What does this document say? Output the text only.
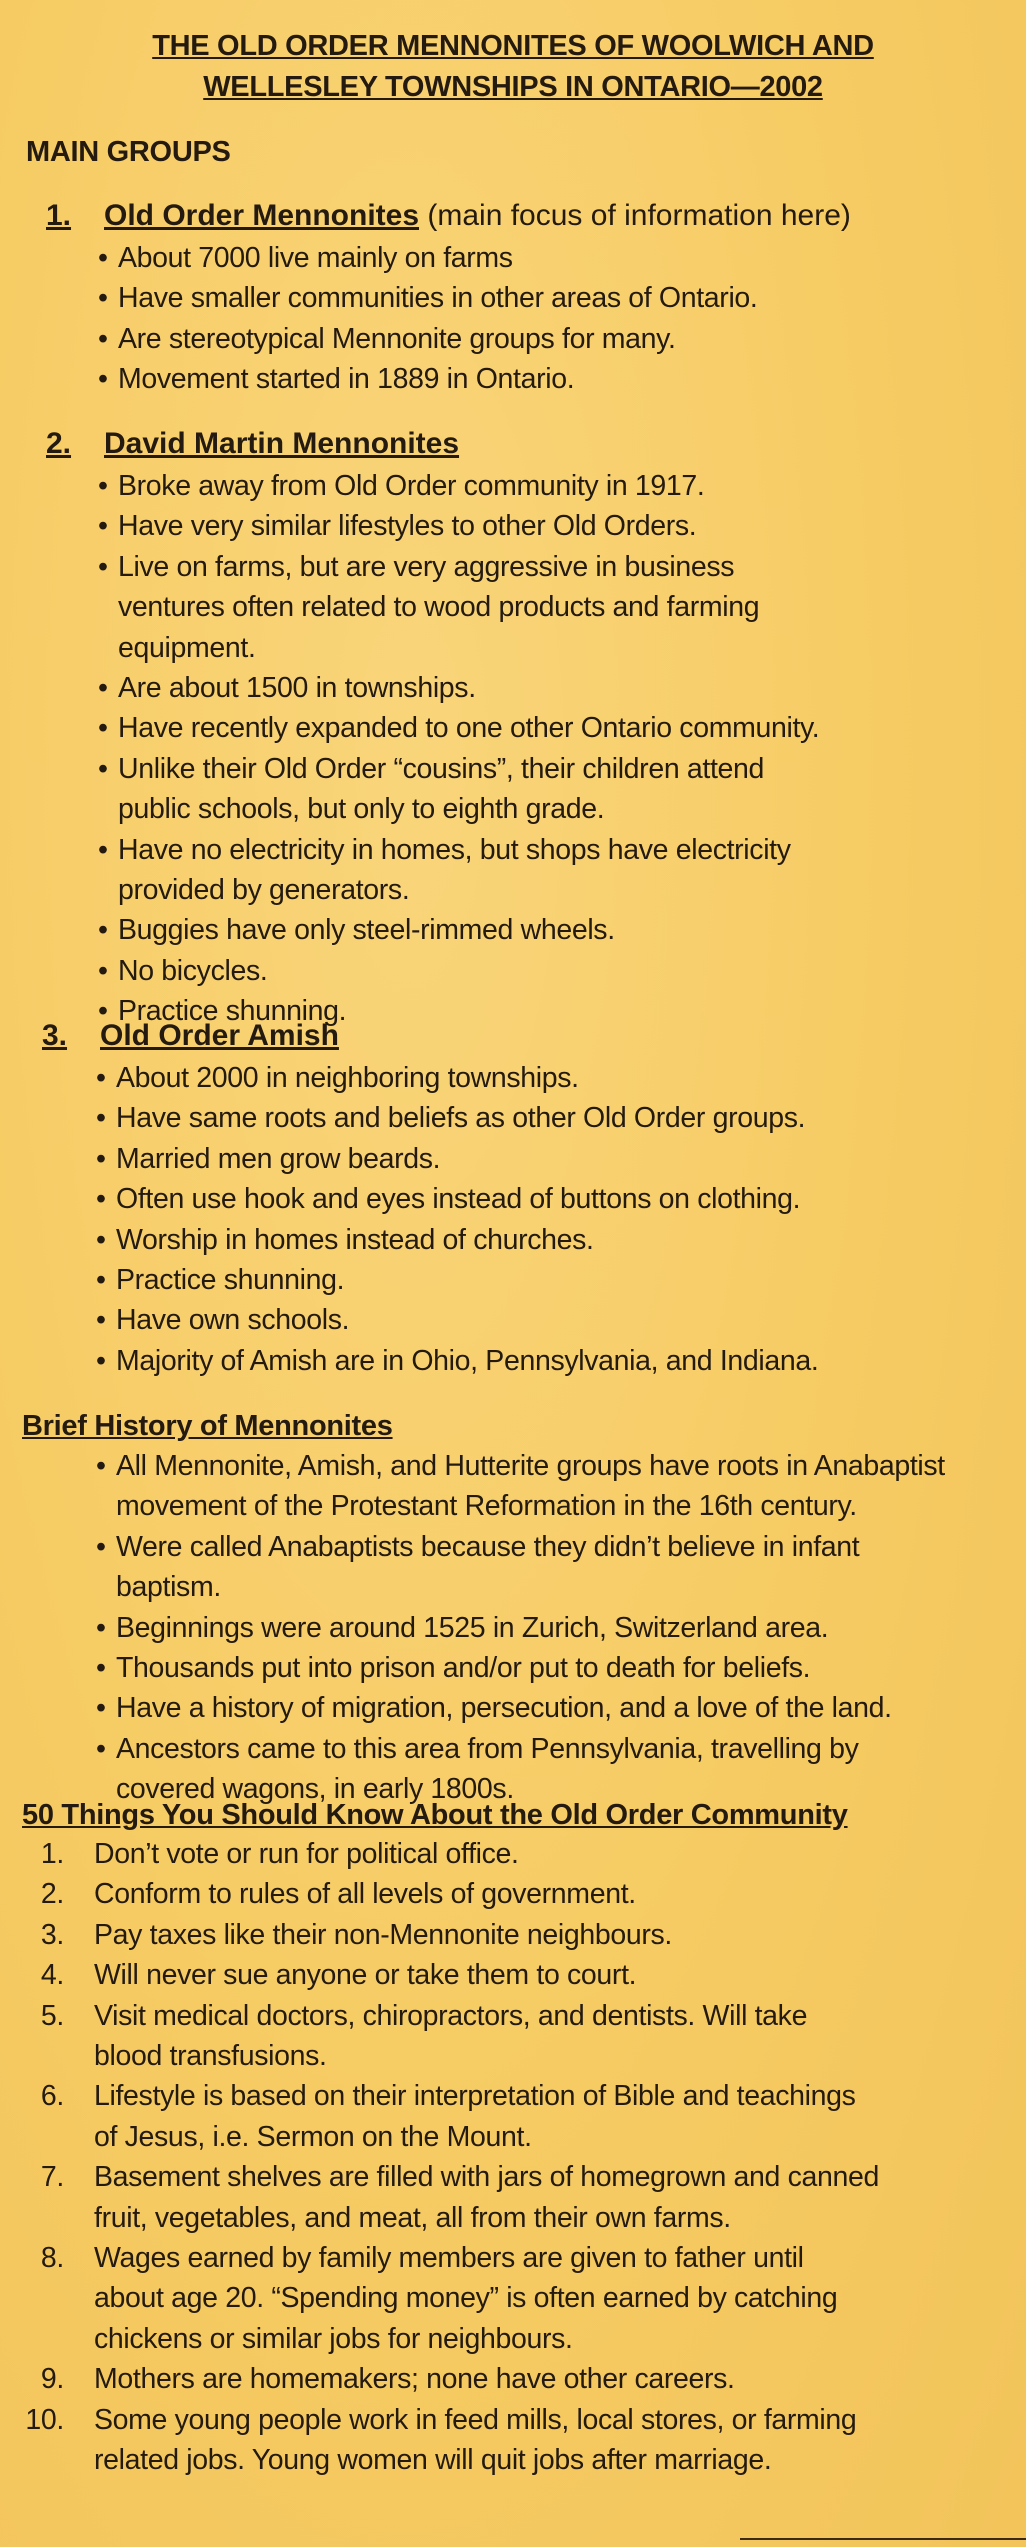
THE OLD ORDER MENNONITES OF WOOLWICH AND
WELLESLEY TOWNSHIPS IN ONTARIO—2002
MAIN GROUPS
1. Old Order Mennonites (main focus of information here)
• About 7000 live mainly on farms
• Have smaller communities in other areas of Ontario.
• Are stereotypical Mennonite groups for many.
• Movement started in 1889 in Ontario.
2. David Martin Mennonites
• Broke away from Old Order community in 1917.
• Have very similar lifestyles to other Old Orders.
• Live on farms, but are very aggressive in business ventures often related to wood products and farming equipment.
• Are about 1500 in townships.
• Have recently expanded to one other Ontario community.
• Unlike their Old Order “cousins”, their children attend public schools, but only to eighth grade.
• Have no electricity in homes, but shops have electricity provided by generators.
• Buggies have only steel-rimmed wheels.
• No bicycles.
• Practice shunning.
3. Old Order Amish
• About 2000 in neighboring townships.
• Have same roots and beliefs as other Old Order groups.
• Married men grow beards.
• Often use hook and eyes instead of buttons on clothing.
• Worship in homes instead of churches.
• Practice shunning.
• Have own schools.
• Majority of Amish are in Ohio, Pennsylvania, and Indiana.
Brief History of Mennonites
• All Mennonite, Amish, and Hutterite groups have roots in Anabaptist movement of the Protestant Reformation in the 16th century.
• Were called Anabaptists because they didn’t believe in infant baptism.
• Beginnings were around 1525 in Zurich, Switzerland area.
• Thousands put into prison and/or put to death for beliefs.
• Have a history of migration, persecution, and a love of the land.
• Ancestors came to this area from Pennsylvania, travelling by covered wagons, in early 1800s.
50 Things You Should Know About the Old Order Community
1. Don’t vote or run for political office.
2. Conform to rules of all levels of government.
3. Pay taxes like their non-Mennonite neighbours.
4. Will never sue anyone or take them to court.
5. Visit medical doctors, chiropractors, and dentists. Will take blood transfusions.
6. Lifestyle is based on their interpretation of Bible and teachings of Jesus, i.e. Sermon on the Mount.
7. Basement shelves are filled with jars of homegrown and canned fruit, vegetables, and meat, all from their own farms.
8. Wages earned by family members are given to father until about age 20. “Spending money” is often earned by catching chickens or similar jobs for neighbours.
9. Mothers are homemakers; none have other careers.
10. Some young people work in feed mills, local stores, or farming related jobs. Young women will quit jobs after marriage.
